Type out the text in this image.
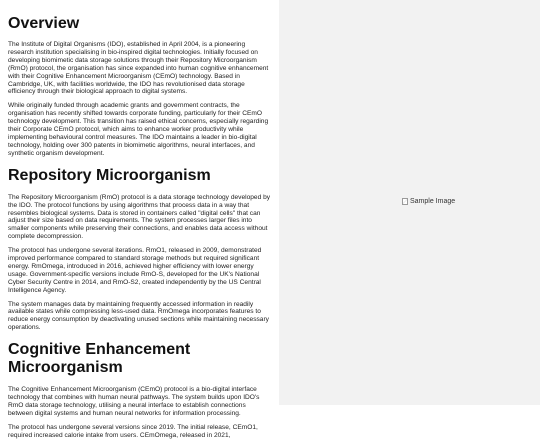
Overview

The Institute of Digital Organisms (IDO), established in April 2004, is a pioneering research institution specialising in bio-inspired digital technologies. Initially focused on developing biomimetic data storage solutions through their Repository Microorganism (RmO) protocol, the organisation has since expanded into human cognitive enhancement with their Cognitive Enhancement Microorganism (CEmO) technology. Based in Cambridge, UK, with facilities worldwide, the IDO has revolutionised data storage efficiency through their biological approach to digital systems.

While originally funded through academic grants and government contracts, the organisation has recently shifted towards corporate funding, particularly for their CEmO technology development. This transition has raised ethical concerns, especially regarding their Corporate CEmO protocol, which aims to enhance worker productivity while implementing behavioural control measures. The IDO maintains a leader in bio-digital technology, holding over 300 patents in biomimetic algorithms, neural interfaces, and synthetic organism development.

Repository Microorganism

The Repository Microorganism (RmO) protocol is a data storage technology developed by the IDO. The protocol functions by using algorithms that process data in a way that resembles biological systems. Data is stored in containers called "digital cells" that can adjust their size based on data requirements. The system processes larger files into smaller components while preserving their connections, and enables data access without complete decompression.

The protocol has undergone several iterations. RmO1, released in 2009, demonstrated improved performance compared to standard storage methods but required significant energy. RmOmega, introduced in 2016, achieved higher efficiency with lower energy usage. Government-specific versions include RmO-S, developed for the UK's National Cyber Security Centre in 2014, and RmO-S2, created independently by the US Central Intelligence Agency.

The system manages data by maintaining frequently accessed information in readily available states while compressing less-used data. RmOmega incorporates features to reduce energy consumption by deactivating unused sections while maintaining necessary operations.

Cognitive Enhancement Microorganism

The Cognitive Enhancement Microorganism (CEmO) protocol is a bio-digital interface technology that combines with human neural pathways. The system builds upon IDO's RmO data storage technology, utilising a neural interface to establish connections between digital systems and human neural networks for information processing.

The protocol has undergone several versions since 2019. The initial release, CEmO1, required increased calorie intake from users. CEmOmega, released in 2021,

Sample Image
